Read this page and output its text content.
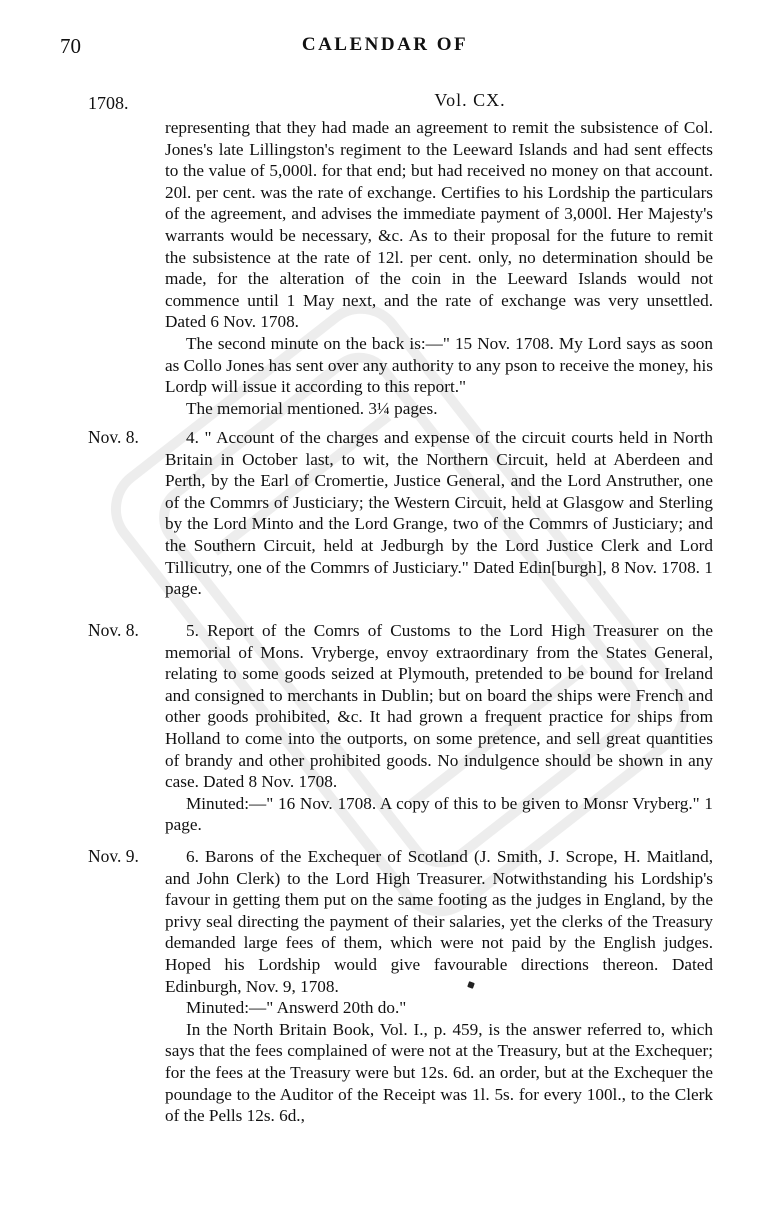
70	CALENDAR OF
1708.	Vol. CX.

representing that they had made an agreement to remit the subsistence of Col. Jones's late Lillingston's regiment to the Leeward Islands and had sent effects to the value of 5,000l. for that end; but had received no money on that account. 20l. per cent. was the rate of exchange. Certifies to his Lordship the particulars of the agreement, and advises the immediate payment of 3,000l. Her Majesty's warrants would be necessary, &c. As to their proposal for the future to remit the subsistence at the rate of 12l. per cent. only, no determination should be made, for the alteration of the coin in the Leeward Islands would not commence until 1 May next, and the rate of exchange was very unsettled. Dated 6 Nov. 1708.

The second minute on the back is:—" 15 Nov. 1708. My Lord says as soon as Collo Jones has sent over any authority to any pson to receive the money, his Lordp will issue it according to this report."

The memorial mentioned. 3¼ pages.

Nov. 8.	4. " Account of the charges and expense of the circuit courts held in North Britain in October last, to wit, the Northern Circuit, held at Aberdeen and Perth, by the Earl of Cromertie, Justice General, and the Lord Anstruther, one of the Commrs of Justiciary; the Western Circuit, held at Glasgow and Sterling by the Lord Minto and the Lord Grange, two of the Commrs of Justiciary; and the Southern Circuit, held at Jedburgh by the Lord Justice Clerk and Lord Tillicutry, one of the Commrs of Justiciary." Dated Edin[burgh], 8 Nov. 1708. 1 page.

Nov. 8.	5. Report of the Comrs of Customs to the Lord High Treasurer on the memorial of Mons. Vryberge, envoy extraordinary from the States General, relating to some goods seized at Plymouth, pretended to be bound for Ireland and consigned to merchants in Dublin; but on board the ships were French and other goods prohibited, &c. It had grown a frequent practice for ships from Holland to come into the outports, on some pretence, and sell great quantities of brandy and other prohibited goods. No indulgence should be shown in any case. Dated 8 Nov. 1708.

Minuted:—" 16 Nov. 1708. A copy of this to be given to Monsr Vryberg." 1 page.

Nov. 9.	6. Barons of the Exchequer of Scotland (J. Smith, J. Scrope, H. Maitland, and John Clerk) to the Lord High Treasurer. Notwithstanding his Lordship's favour in getting them put on the same footing as the judges in England, by the privy seal directing the payment of their salaries, yet the clerks of the Treasury demanded large fees of them, which were not paid by the English judges. Hoped his Lordship would give favourable directions thereon. Dated Edinburgh, Nov. 9, 1708.

Minuted:—" Answerd 20th do."

In the North Britain Book, Vol. I., p. 459, is the answer referred to, which says that the fees complained of were not at the Treasury, but at the Exchequer; for the fees at the Treasury were but 12s. 6d. an order, but at the Exchequer the poundage to the Auditor of the Receipt was 1l. 5s. for every 100l., to the Clerk of the Pells 12s. 6d.,
